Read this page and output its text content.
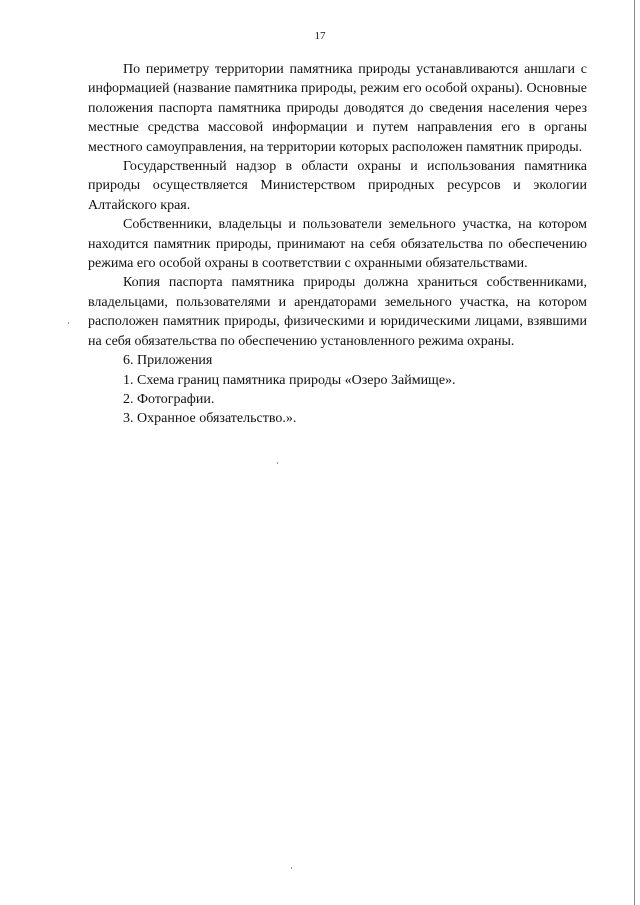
17

По периметру территории памятника природы устанавливаются аншлаги с информацией (название памятника природы, режим его особой охраны). Основные положения паспорта памятника природы доводятся до сведения населения через местные средства массовой информации и путем направления его в органы местного самоуправления, на территории которых расположен памятник природы.

Государственный надзор в области охраны и использования памятника природы осуществляется Министерством природных ресурсов и экологии Алтайского края.

Собственники, владельцы и пользователи земельного участка, на котором находится памятник природы, принимают на себя обязательства по обеспечению режима его особой охраны в соответствии с охранными обязательствами.

Копия паспорта памятника природы должна храниться собственниками, владельцами, пользователями и арендаторами земельного участка, на котором расположен памятник природы, физическими и юридическими лицами, взявшими на себя обязательства по обеспечению установленного режима охраны.

6. Приложения

1. Схема границ памятника природы «Озеро Займище».
2. Фотографии.
3. Охранное обязательство.».
